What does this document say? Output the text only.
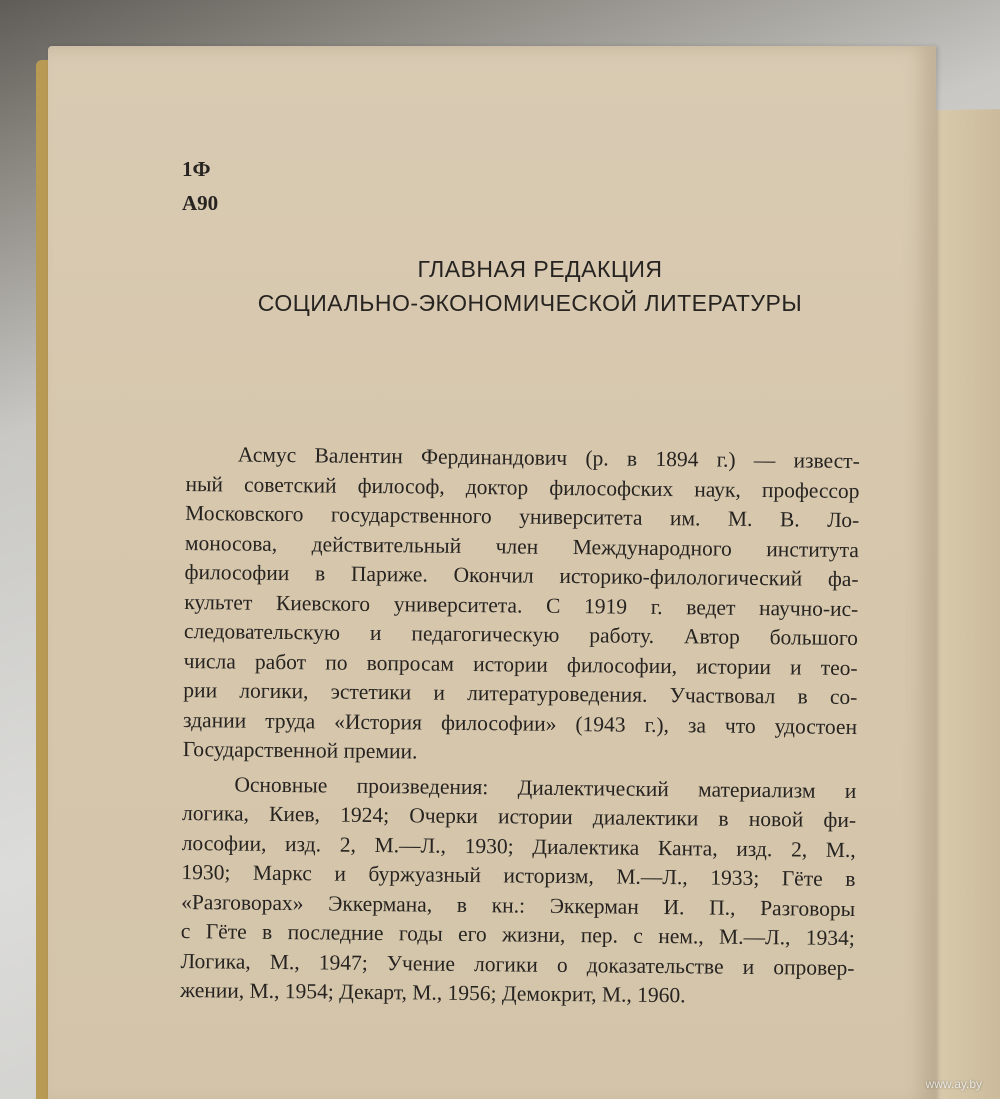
1Ф
А90
ГЛАВНАЯ РЕДАКЦИЯ
СОЦИАЛЬНО-ЭКОНОМИЧЕСКОЙ ЛИТЕРАТУРЫ

Асмус Валентин Фердинандович (р. в 1894 г.) — извест-
ный советский философ, доктор философских наук, профессор
Московского государственного университета им. М. В. Ло-
моносова, действительный член Международного института
философии в Париже. Окончил историко-филологический фа-
культет Киевского университета. С 1919 г. ведет научно-ис-
следовательскую и педагогическую работу. Автор большого
числа работ по вопросам истории философии, истории и тео-
рии логики, эстетики и литературоведения. Участвовал в со-
здании труда «История философии» (1943 г.), за что удостоен
Государственной премии.

Основные произведения: Диалектический материализм и
логика, Киев, 1924; Очерки истории диалектики в новой фи-
лософии, изд. 2, М.—Л., 1930; Диалектика Канта, изд. 2, М.,
1930; Маркс и буржуазный историзм, М.—Л., 1933; Гёте в
«Разговорах» Эккермана, в кн.: Эккерман И. П., Разговоры
с Гёте в последние годы его жизни, пер. с нем., М.—Л., 1934;
Логика, М., 1947; Учение логики о доказательстве и опровер-
жении, М., 1954; Декарт, М., 1956; Демокрит, М., 1960.

www.ay.by
